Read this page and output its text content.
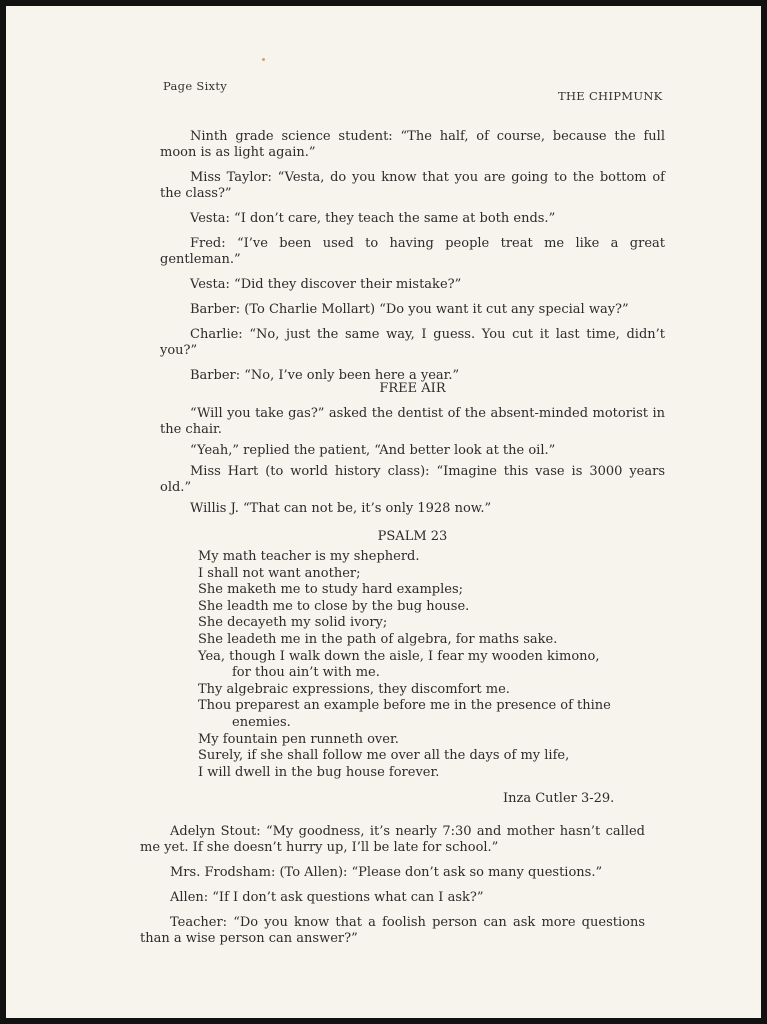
Page Sixty
THE CHIPMUNK

Ninth grade science student: “The half, of course, because the full moon is as light again.”

Miss Taylor: “Vesta, do you know that you are going to the bottom of the class?”

Vesta: “I don’t care, they teach the same at both ends.”

Fred: “I’ve been used to having people treat me like a great gentleman.”

Vesta: “Did they discover their mistake?”

Barber: (To Charlie Mollart) “Do you want it cut any special way?”

Charlie: “No, just the same way, I guess. You cut it last time, didn’t you?”

Barber: “No, I’ve only been here a year.”

FREE AIR

“Will you take gas?” asked the dentist of the absent-minded motorist in the chair.

“Yeah,” replied the patient, “And better look at the oil.”

Miss Hart (to world history class): “Imagine this vase is 3000 years old.”

Willis J. “That can not be, it’s only 1928 now.”

PSALM 23
My math teacher is my shepherd.
I shall not want another;
She maketh me to study hard examples;
She leadth me to close by the bug house.
She decayeth my solid ivory;
She leadeth me in the path of algebra, for maths sake.
Yea, though I walk down the aisle, I fear my wooden kimono,
for thou ain’t with me.
Thy algebraic expressions, they discomfort me.
Thou preparest an example before me in the presence of thine
enemies.
My fountain pen runneth over.
Surely, if she shall follow me over all the days of my life,
I will dwell in the bug house forever.
Inza Cutler 3-29.

Adelyn Stout: “My goodness, it’s nearly 7:30 and mother hasn’t called me yet. If she doesn’t hurry up, I’ll be late for school.”

Mrs. Frodsham: (To Allen): “Please don’t ask so many questions.”

Allen: “If I don’t ask questions what can I ask?”

Teacher: “Do you know that a foolish person can ask more questions than a wise person can answer?”
